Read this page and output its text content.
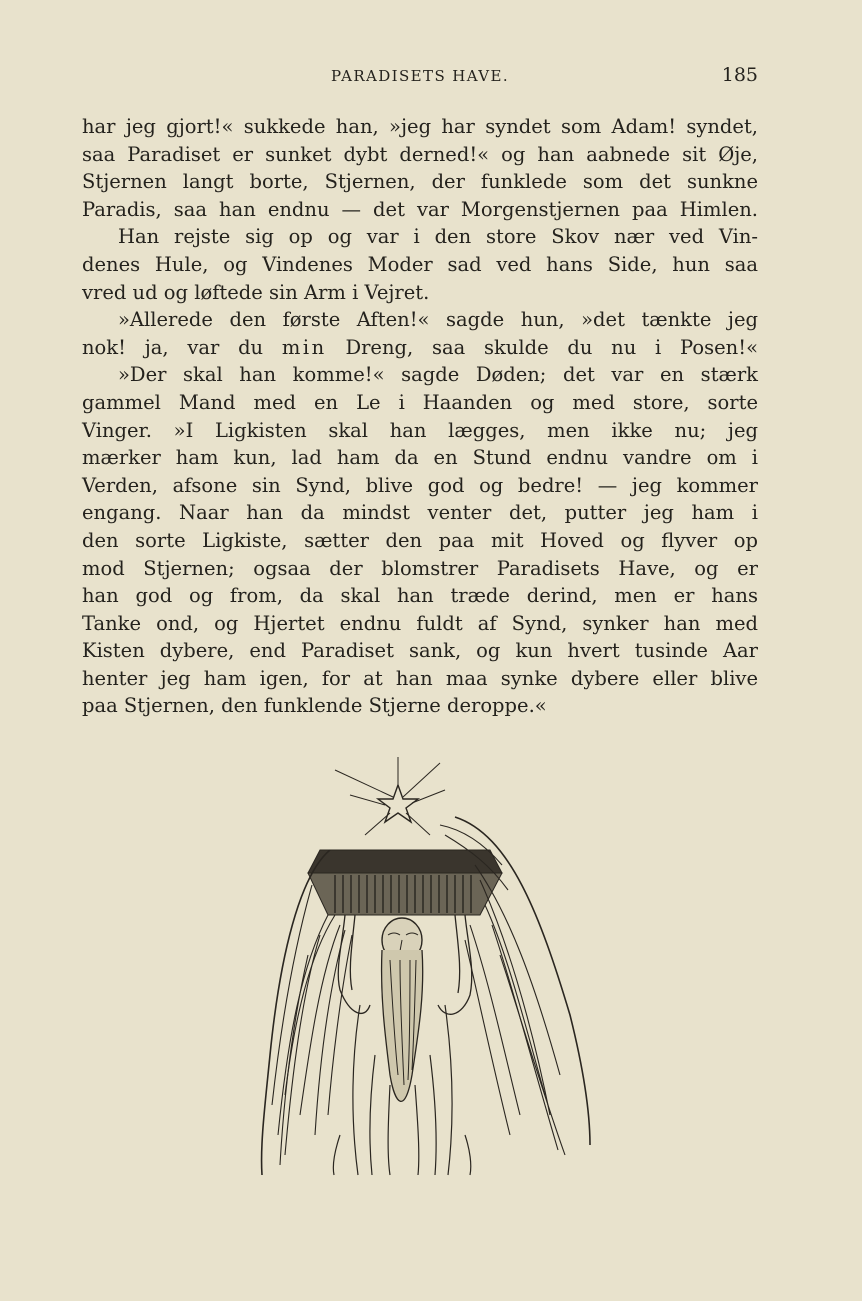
PARADISETS HAVE.	185
har jeg gjort!« sukkede han, »jeg har syndet som Adam! syndet,
saa Paradiset er sunket dybt derned!« og han aabnede sit Øje,
Stjernen langt borte, Stjernen, der funklede som det sunkne
Paradis, saa han endnu — det var Morgenstjernen paa Himlen.
Han rejste sig op og var i den store Skov nær ved Vin-
denes Hule, og Vindenes Moder sad ved hans Side, hun saa
vred ud og løftede sin Arm i Vejret.
»Allerede den første Aften!« sagde hun, »det tænkte jeg
nok! ja, var du min Dreng, saa skulde du nu i Posen!«
»Der skal han komme!« sagde Døden; det var en stærk
gammel Mand med en Le i Haanden og med store, sorte
Vinger. »I Ligkisten skal han lægges, men ikke nu; jeg
mærker ham kun, lad ham da en Stund endnu vandre om i
Verden, afsone sin Synd, blive god og bedre! — jeg kommer
engang. Naar han da mindst venter det, putter jeg ham i
den sorte Ligkiste, sætter den paa mit Hoved og flyver op
mod Stjernen; ogsaa der blomstrer Paradisets Have, og er
han god og from, da skal han træde derind, men er hans
Tanke ond, og Hjertet endnu fuldt af Synd, synker han med
Kisten dybere, end Paradiset sank, og kun hvert tusinde Aar
henter jeg ham igen, for at han maa synke dybere eller blive
paa Stjernen, den funklende Stjerne deroppe.«
